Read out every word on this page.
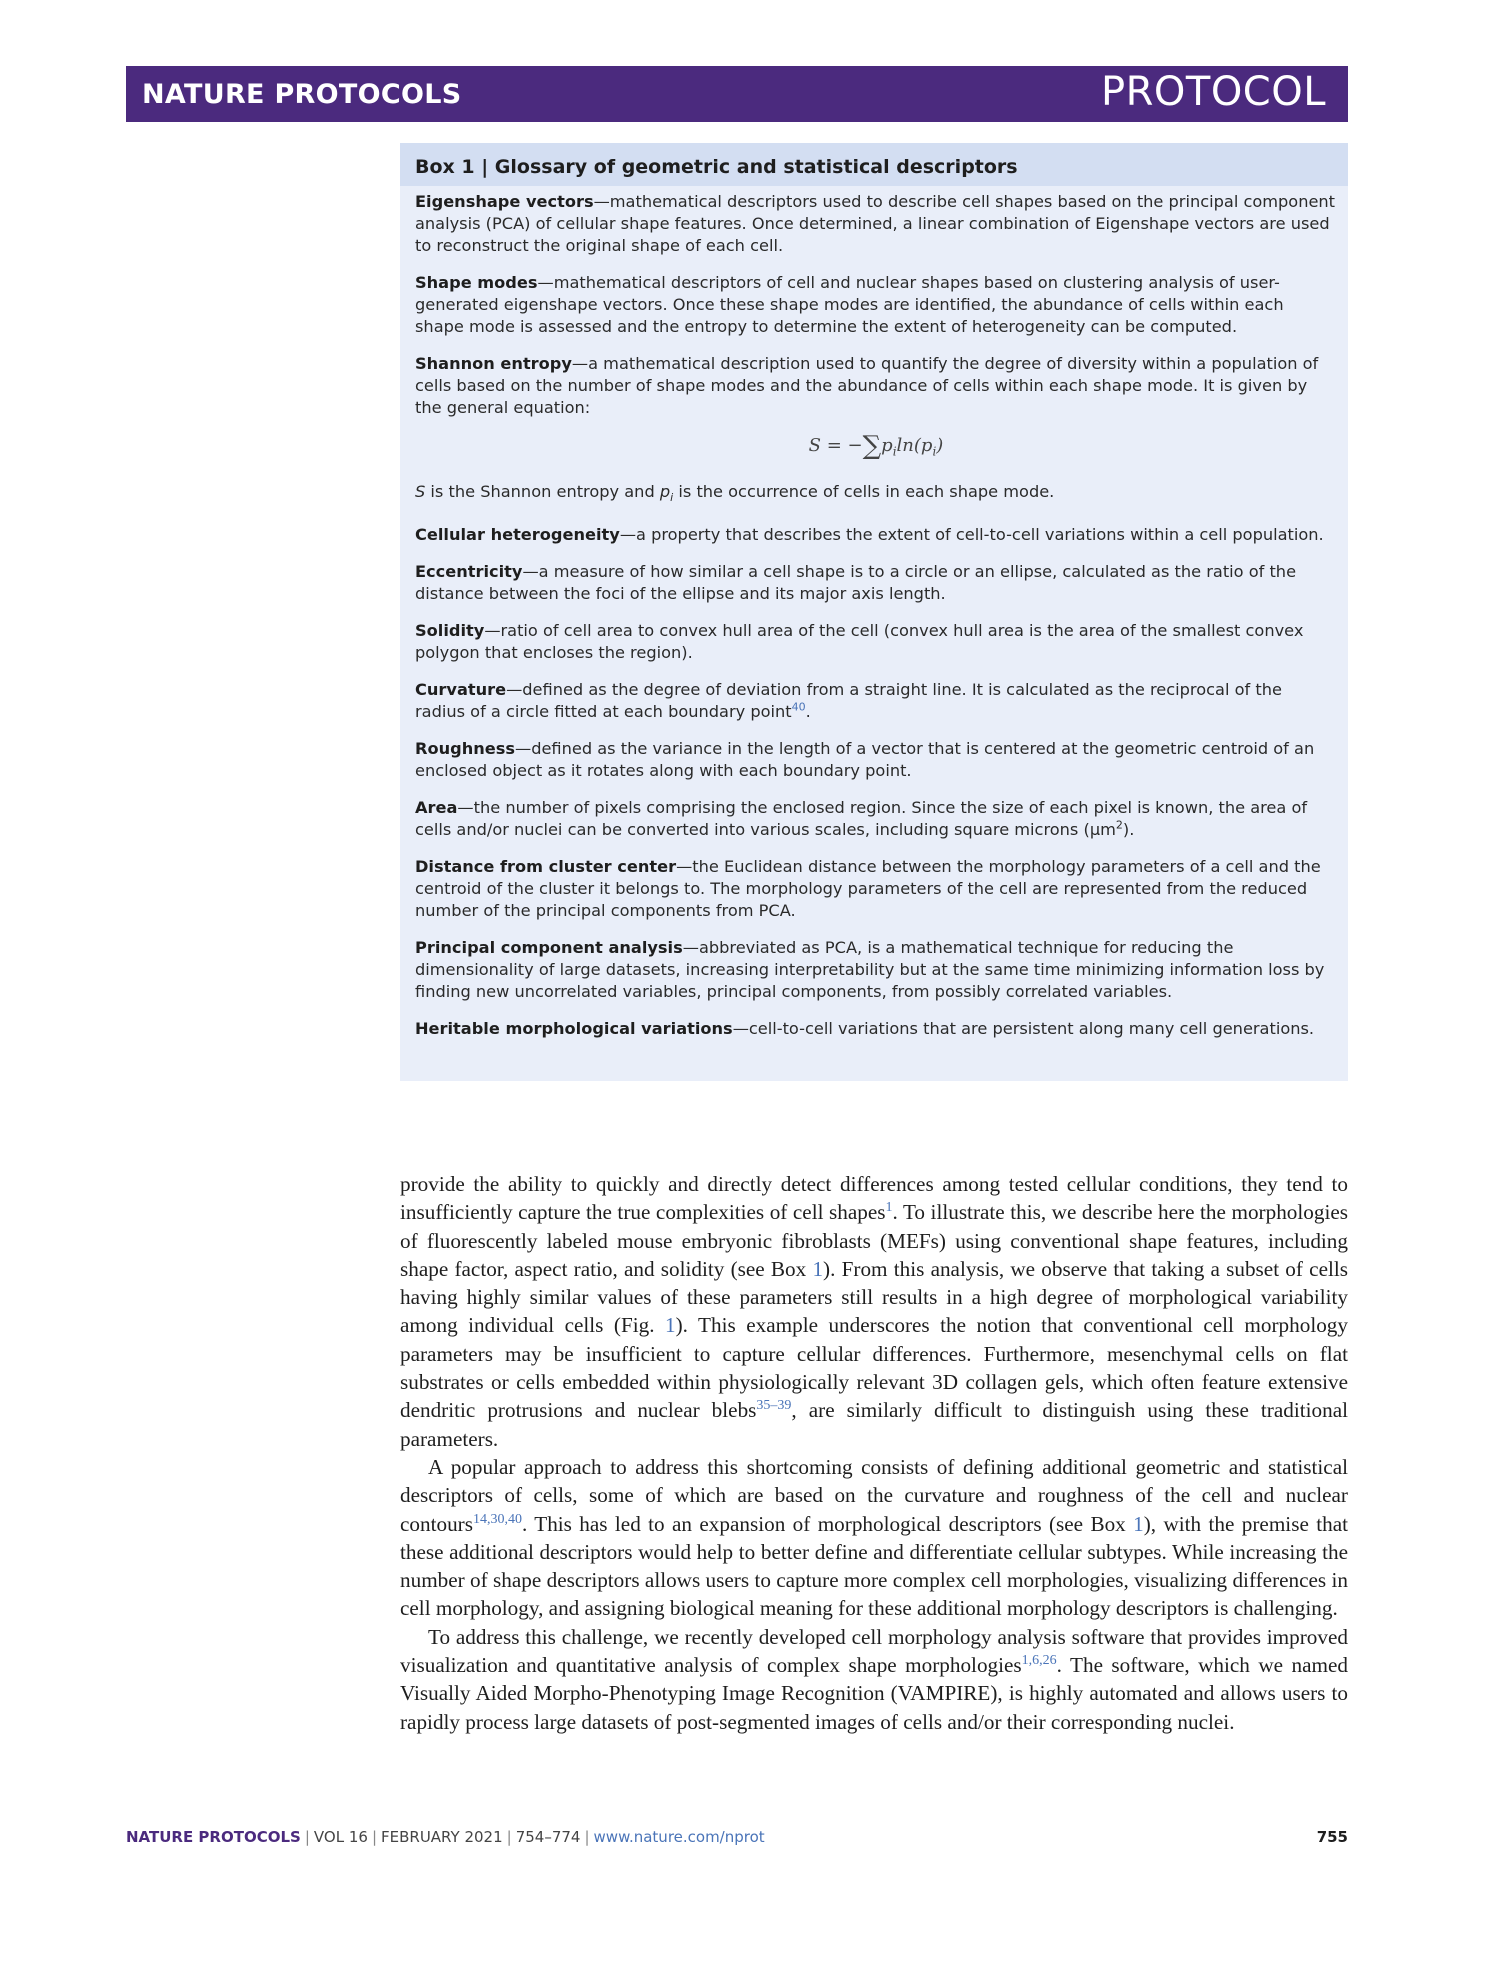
NATURE PROTOCOLS	PROTOCOL
Box 1 | Glossary of geometric and statistical descriptors

Eigenshape vectors—mathematical descriptors used to describe cell shapes based on the principal component analysis (PCA) of cellular shape features. Once determined, a linear combination of Eigenshape vectors are used to reconstruct the original shape of each cell.

Shape modes—mathematical descriptors of cell and nuclear shapes based on clustering analysis of user-generated eigenshape vectors. Once these shape modes are identified, the abundance of cells within each shape mode is assessed and the entropy to determine the extent of heterogeneity can be computed.

Shannon entropy—a mathematical description used to quantify the degree of diversity within a population of cells based on the number of shape modes and the abundance of cells within each shape mode. It is given by the general equation:

$S = -\sum p_i\ln(p_i)$

S is the Shannon entropy and $p_i$ is the occurrence of cells in each shape mode.

Cellular heterogeneity—a property that describes the extent of cell-to-cell variations within a cell population.

Eccentricity—a measure of how similar a cell shape is to a circle or an ellipse, calculated as the ratio of the distance between the foci of the ellipse and its major axis length.

Solidity—ratio of cell area to convex hull area of the cell (convex hull area is the area of the smallest convex polygon that encloses the region).

Curvature—defined as the degree of deviation from a straight line. It is calculated as the reciprocal of the radius of a circle fitted at each boundary point$^{40}$.

Roughness—defined as the variance in the length of a vector that is centered at the geometric centroid of an enclosed object as it rotates along with each boundary point.

Area—the number of pixels comprising the enclosed region. Since the size of each pixel is known, the area of cells and/or nuclei can be converted into various scales, including square microns $(\mu m^2)$.

Distance from cluster center—the Euclidean distance between the morphology parameters of a cell and the centroid of the cluster it belongs to. The morphology parameters of the cell are represented from the reduced number of the principal components from PCA.

Principal component analysis—abbreviated as PCA, is a mathematical technique for reducing the dimensionality of large datasets, increasing interpretability but at the same time minimizing information loss by finding new uncorrelated variables, principal components, from possibly correlated variables.

Heritable morphological variations—cell-to-cell variations that are persistent along many cell generations.

provide the ability to quickly and directly detect differences among tested cellular conditions, they tend to insufficiently capture the true complexities of cell shapes$^1$. To illustrate this, we describe here the morphologies of fluorescently labeled mouse embryonic fibroblasts (MEFs) using conventional shape features, including shape factor, aspect ratio, and solidity (see Box 1). From this analysis, we observe that taking a subset of cells having highly similar values of these parameters still results in a high degree of morphological variability among individual cells (Fig. 1). This example underscores the notion that conventional cell morphology parameters may be insufficient to capture cellular differences. Furthermore, mesenchymal cells on flat substrates or cells embedded within physiologically relevant 3D collagen gels, which often feature extensive dendritic protrusions and nuclear blebs$^{35-39}$, are similarly difficult to distinguish using these traditional parameters.

A popular approach to address this shortcoming consists of defining additional geometric and statistical descriptors of cells, some of which are based on the curvature and roughness of the cell and nuclear contours$^{14,30,40}$. This has led to an expansion of morphological descriptors (see Box 1), with the premise that these additional descriptors would help to better define and differentiate cellular subtypes. While increasing the number of shape descriptors allows users to capture more complex cell morphologies, visualizing differences in cell morphology, and assigning biological meaning for these additional morphology descriptors is challenging.

To address this challenge, we recently developed cell morphology analysis software that provides improved visualization and quantitative analysis of complex shape morphologies$^{1,6,26}$. The software, which we named Visually Aided Morpho-Phenotyping Image Recognition (VAMPIRE), is highly automated and allows users to rapidly process large datasets of post-segmented images of cells and/or their corresponding nuclei.

NATURE PROTOCOLS | VOL 16 | FEBRUARY 2021 | 754–774 | www.nature.com/nprot	755
